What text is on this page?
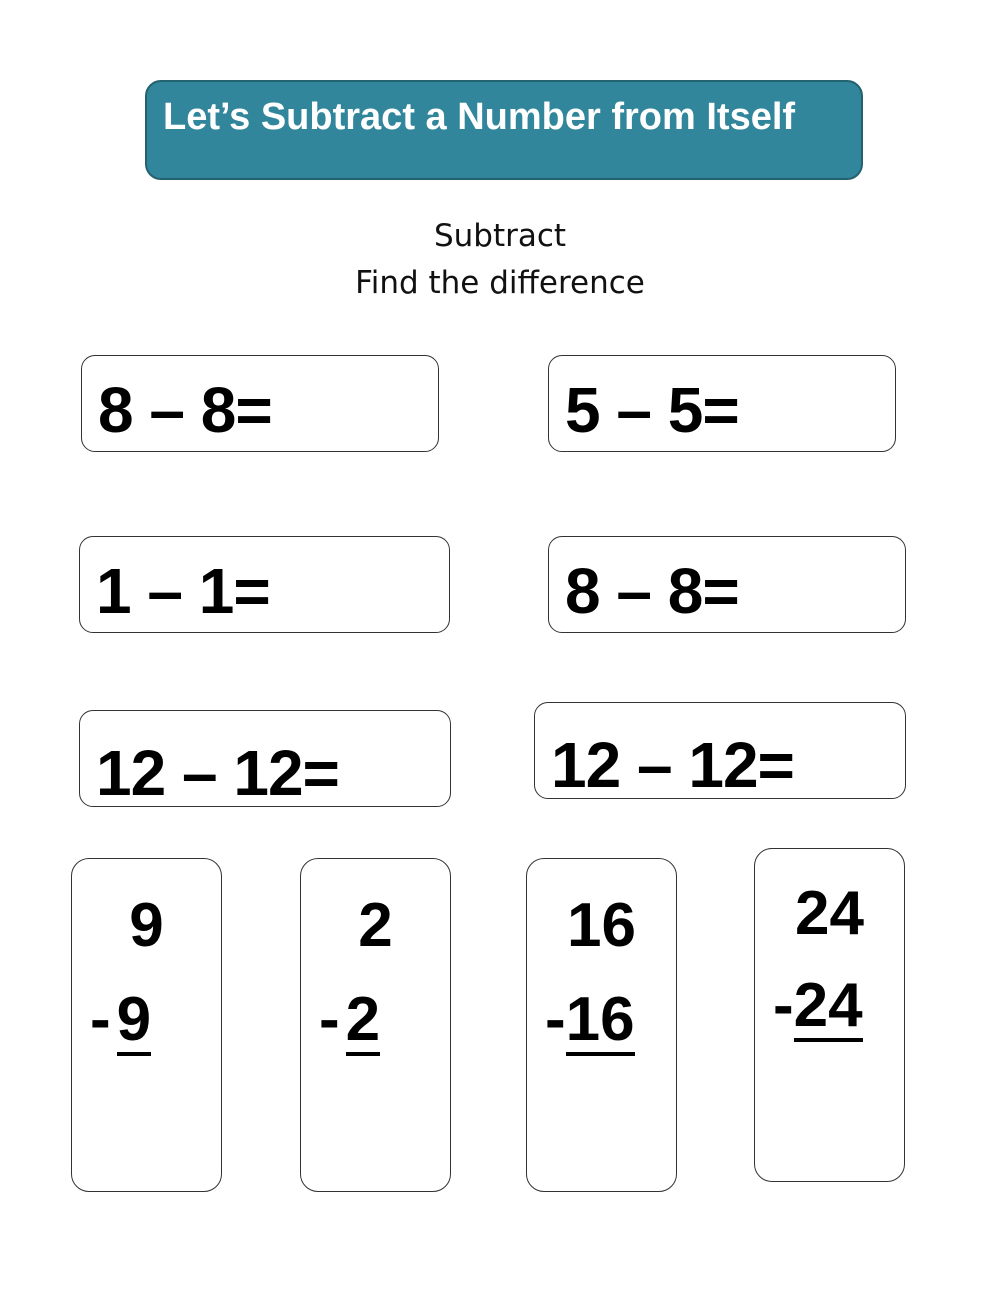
Let’s Subtract a Number from Itself
Subtract
Find the difference
8 – 8=	5 – 5=
1 – 1=	8 – 8=
12 – 12=	12 – 12=
9
-9
2
-2
16
-16
24
-24
